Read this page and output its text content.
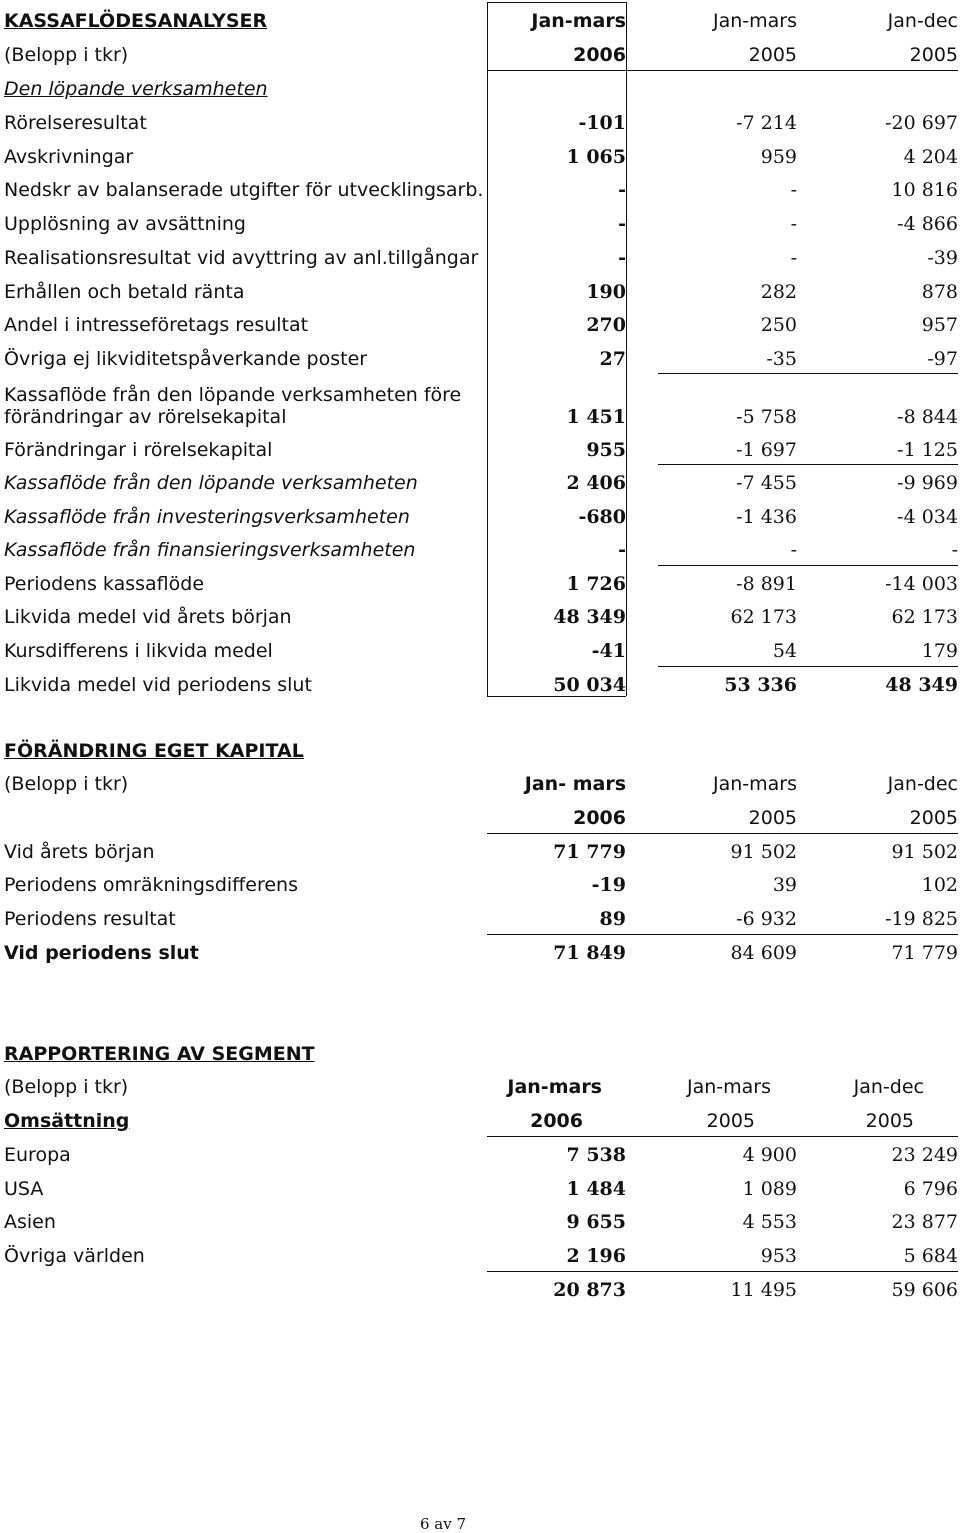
KASSAFLÖDESANALYSER	Jan-mars	Jan-mars	Jan-dec
(Belopp i tkr)	2006	2005	2005
Den löpande verksamheten
Rörelseresultat	-101	-7 214	-20 697
Avskrivningar	1 065	959	4 204
Nedskr av balanserade utgifter för utvecklingsarb.	-	-	10 816
Upplösning av avsättning	-	-	-4 866
Realisationsresultat vid avyttring av anl.tillgångar	-	-	-39
Erhållen och betald ränta	190	282	878
Andel i intresseföretags resultat	270	250	957
Övriga ej likviditetspåverkande poster	27	-35	-97
Kassaflöde från den löpande verksamheten före
förändringar av rörelsekapital	1 451	-5 758	-8 844
Förändringar i rörelsekapital	955	-1 697	-1 125
Kassaflöde från den löpande verksamheten	2 406	-7 455	-9 969
Kassaflöde från investeringsverksamheten	-680	-1 436	-4 034
Kassaflöde från finansieringsverksamheten	-	-	-
Periodens kassaflöde	1 726	-8 891	-14 003
Likvida medel vid årets början	48 349	62 173	62 173
Kursdifferens i likvida medel	-41	54	179
Likvida medel vid periodens slut	50 034	53 336	48 349
FÖRÄNDRING EGET KAPITAL
(Belopp i tkr)	Jan- mars	Jan-mars	Jan-dec
2006	2005	2005
Vid årets början	71 779	91 502	91 502
Periodens omräkningsdifferens	-19	39	102
Periodens resultat	89	-6 932	-19 825
Vid periodens slut	71 849	84 609	71 779
RAPPORTERING AV SEGMENT
(Belopp i tkr)	Jan-mars	Jan-mars	Jan-dec
Omsättning	2006	2005	2005
Europa	7 538	4 900	23 249
USA	1 484	1 089	6 796
Asien	9 655	4 553	23 877
Övriga världen	2 196	953	5 684
20 873	11 495	59 606
6 av 7
